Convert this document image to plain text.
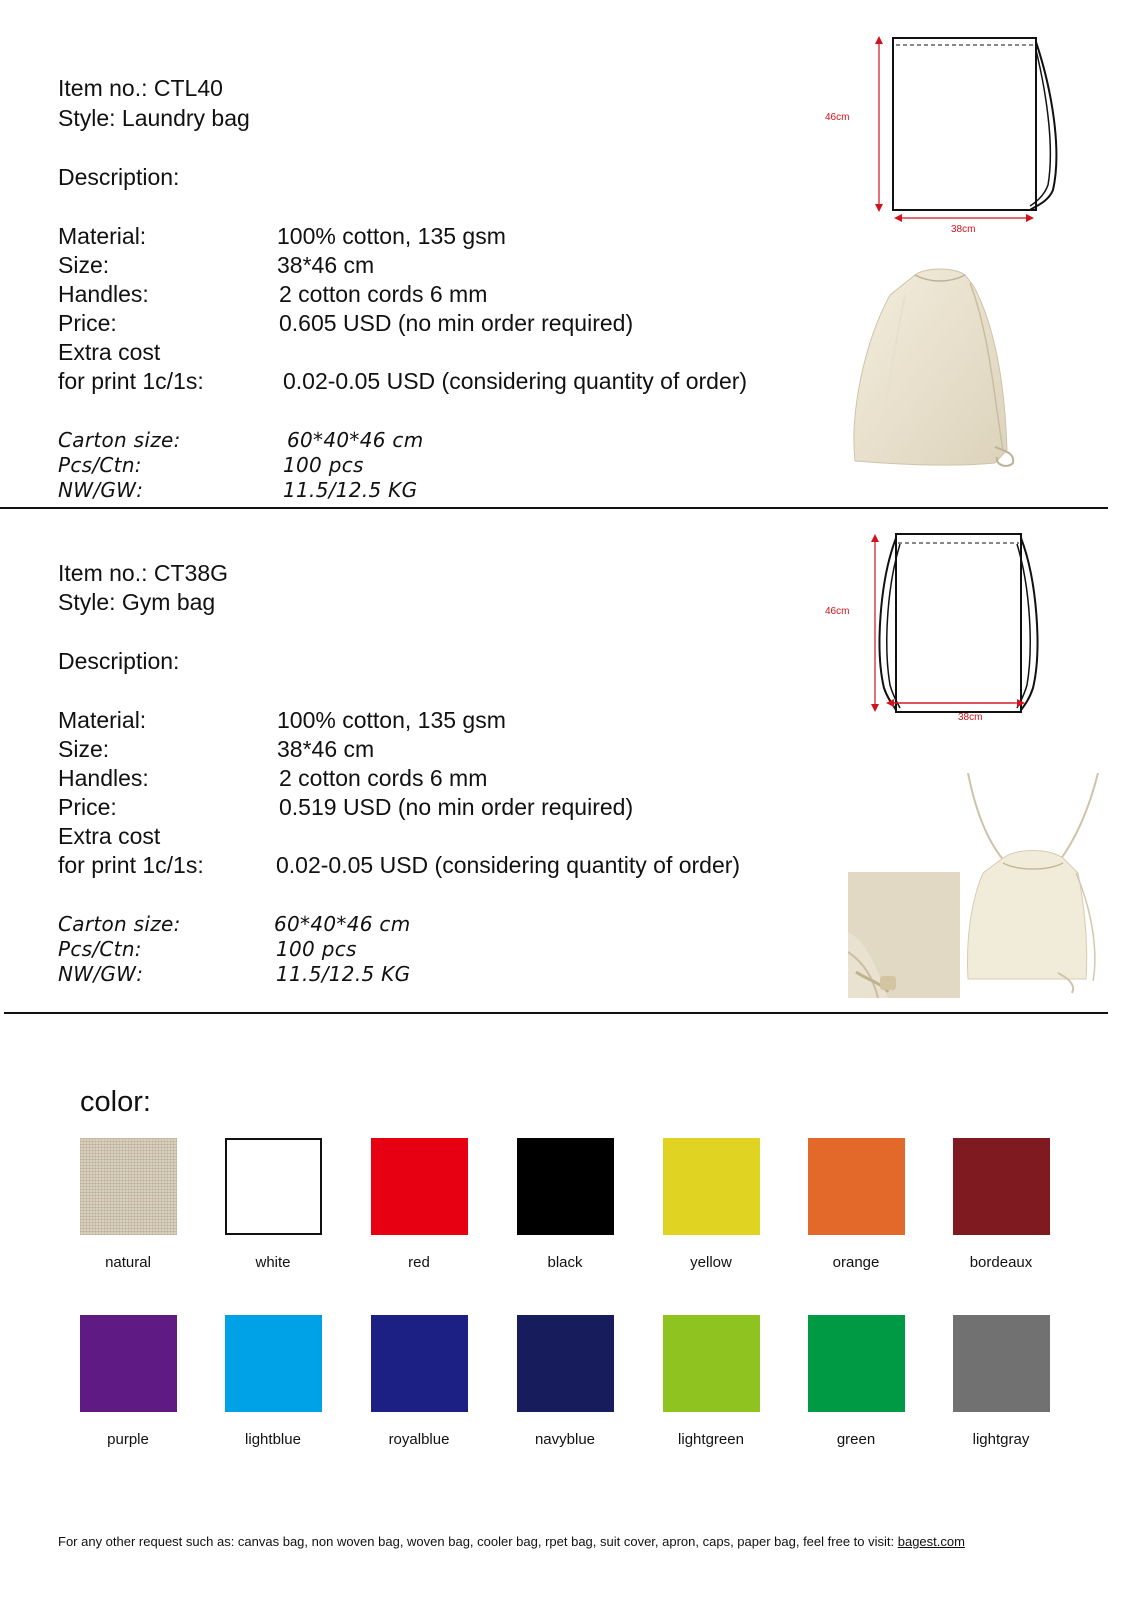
Item no.: CTL40
Style: Laundry bag
Description:
Material:	100% cotton, 135 gsm
Size:	38*46 cm
Handles:	2 cotton cords 6 mm
Price:	0.605 USD (no min order required)
Extra cost
for print 1c/1s:	0.02-0.05 USD (considering quantity of order)
Carton size:	60*40*46 cm
Pcs/Ctn:	100 pcs
NW/GW:	11.5/12.5 KG
46cm
38cm
Item no.: CT38G
Style: Gym bag
Description:
Material:	100% cotton, 135 gsm
Size:	38*46 cm
Handles:	2 cotton cords 6 mm
Price:	0.519 USD (no min order required)
Extra cost
for print 1c/1s:	0.02-0.05 USD (considering quantity of order)
Carton size:	60*40*46 cm
Pcs/Ctn:	100 pcs
NW/GW:	11.5/12.5 KG
46cm
38cm
color:
natural	white	red	black	yellow	orange	bordeaux
purple	lightblue	royalblue	navyblue	lightgreen	green	lightgray
For any other request such as: canvas bag, non woven bag, woven bag, cooler bag, rpet bag, suit cover, apron, caps, paper bag, feel free to visit: bagest.com
